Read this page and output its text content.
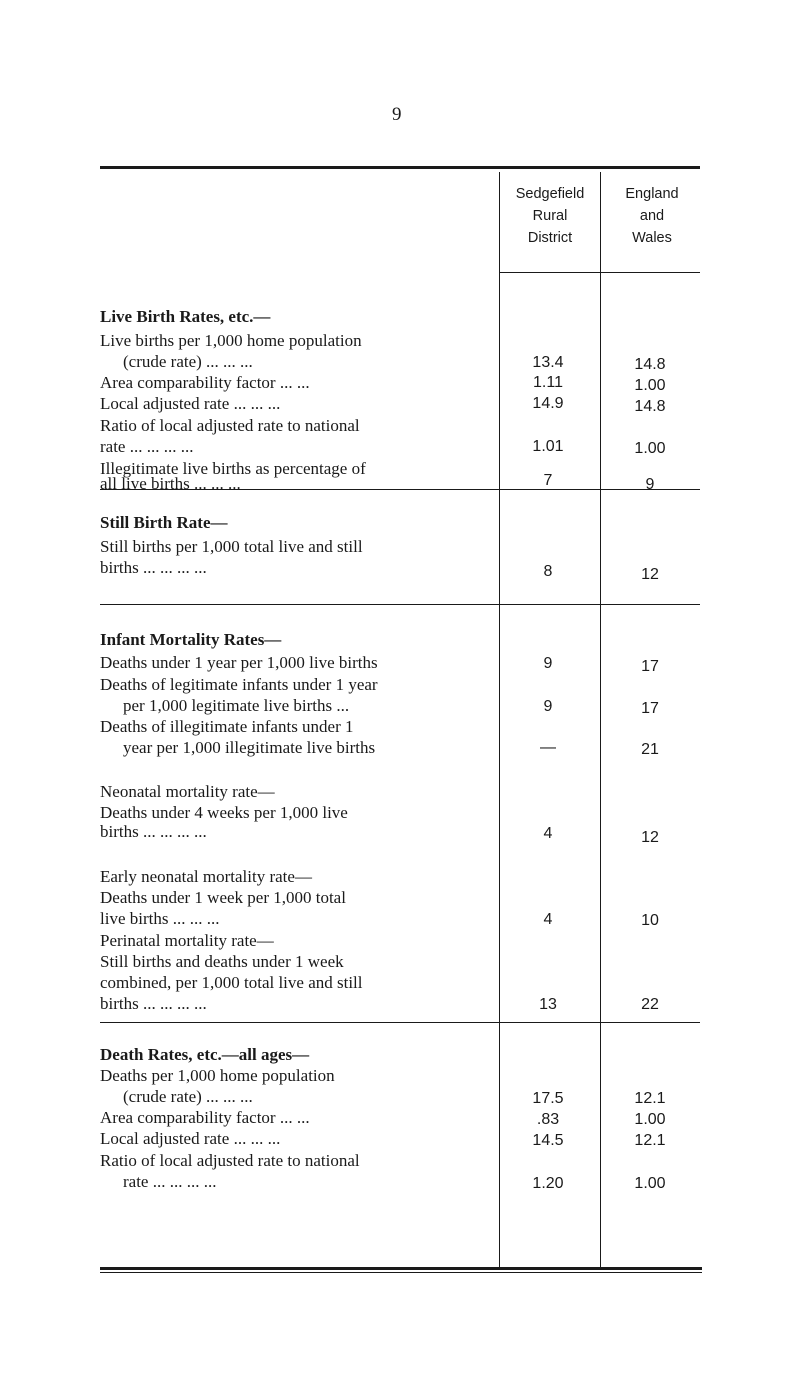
9
Sedgefield
Rural
District
England
and
Wales
Live Birth Rates, etc.—
Live births per 1,000 home population
(crude rate) ... ... ...	13.4	14.8
Area comparability factor ... ...	1.11	1.00
Local adjusted rate ... ... ...	14.9	14.8
Ratio of local adjusted rate to national
rate ... ... ... ...	1.01	1.00
Illegitimate live births as percentage of
all live births ... ... ...	7	9
Still Birth Rate—
Still births per 1,000 total live and still
births ... ... ... ...	8	12
Infant Mortality Rates—
Deaths under 1 year per 1,000 live births	9	17
Deaths of legitimate infants under 1 year
per 1,000 legitimate live births ...	9	17
Deaths of illegitimate infants under 1
year per 1,000 illegitimate live births	—	21
Neonatal mortality rate—
Deaths under 4 weeks per 1,000 live
births ... ... ... ...	4	12
Early neonatal mortality rate—
Deaths under 1 week per 1,000 total
live births ... ... ...	4	10
Perinatal mortality rate—
Still births and deaths under 1 week
combined, per 1,000 total live and still
births ... ... ... ...	13	22
Death Rates, etc.—all ages—
Deaths per 1,000 home population
(crude rate) ... ... ...	17.5	12.1
Area comparability factor ... ...	.83	1.00
Local adjusted rate ... ... ...	14.5	12.1
Ratio of local adjusted rate to national
rate ... ... ... ...	1.20	1.00
